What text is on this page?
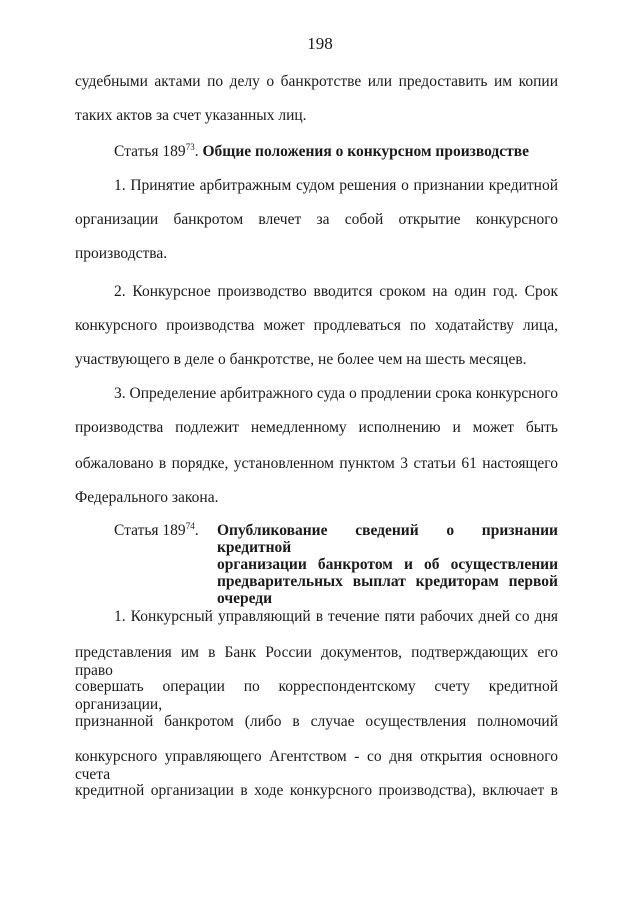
198
судебными актами по делу о банкротстве или предоставить им копии
таких актов за счет указанных лиц.
Статья $189^{73}$. Общие положения о конкурсном производстве
1. Принятие арбитражным судом решения о признании кредитной
организации банкротом влечет за собой открытие конкурсного
производства.
2. Конкурсное производство вводится сроком на один год. Срок
конкурсного производства может продлеваться по ходатайству лица,
участвующего в деле о банкротстве, не более чем на шесть месяцев.
3. Определение арбитражного суда о продлении срока конкурсного
производства подлежит немедленному исполнению и может быть
обжаловано в порядке, установленном пунктом 3 статьи 61 настоящего
Федерального закона.
Статья $189^{74}$. Опубликование сведений о признании кредитной
организации банкротом и об осуществлении
предварительных выплат кредиторам первой
очереди
1. Конкурсный управляющий в течение пяти рабочих дней со дня
представления им в Банк России документов, подтверждающих его право
совершать операции по корреспондентскому счету кредитной организации,
признанной банкротом (либо в случае осуществления полномочий
конкурсного управляющего Агентством - со дня открытия основного счета
кредитной организации в ходе конкурсного производства), включает в
